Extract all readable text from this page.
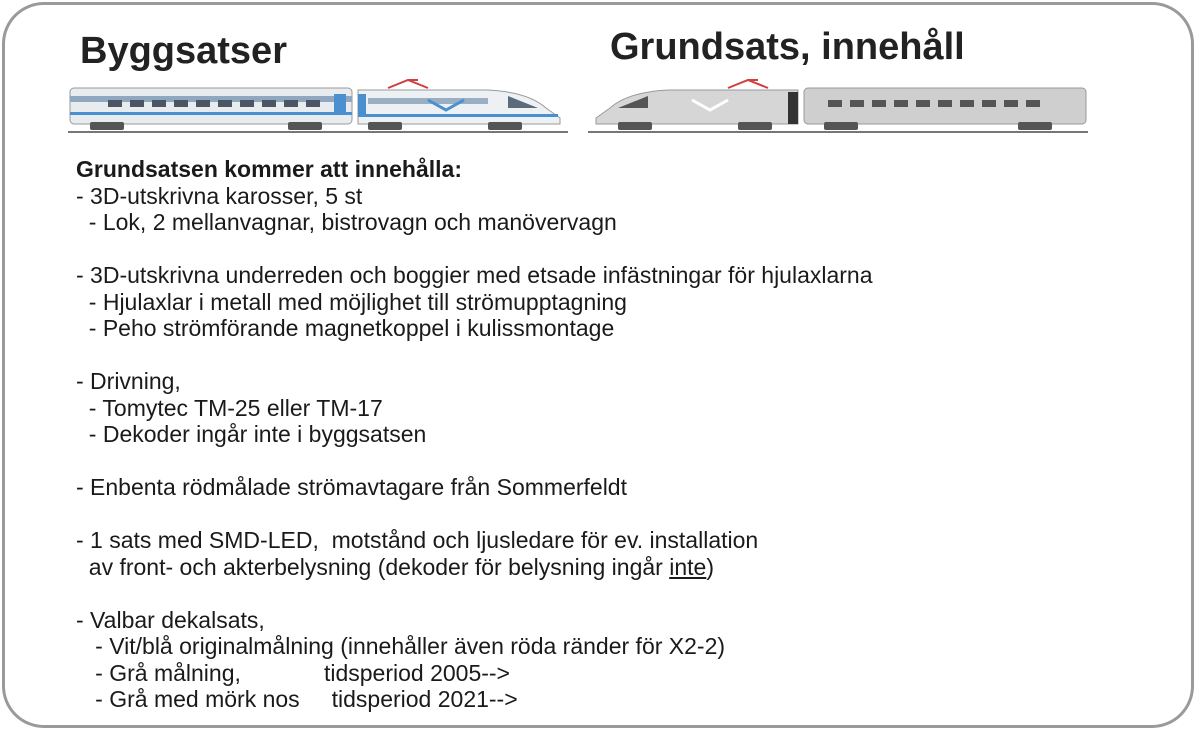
Byggsatser	Grundsats, innehåll
Grundsatsen kommer att innehålla:
- 3D-utskrivna karosser, 5 st
- Lok, 2 mellanvagnar, bistrovagn och manövervagn
- 3D-utskrivna underreden och boggier med etsade infästningar för hjulaxlarna
- Hjulaxlar i metall med möjlighet till strömupptagning
- Peho strömförande magnetkoppel i kulissmontage
- Drivning,
- Tomytec TM-25 eller TM-17
- Dekoder ingår inte i byggsatsen
- Enbenta rödmålade strömavtagare från Sommerfeldt
- 1 sats med SMD-LED,  motstånd och ljusledare för ev. installation
av front- och akterbelysning (dekoder för belysning ingår inte)
- Valbar dekalsats,
- Vit/blå originalmålning (innehåller även röda ränder för X2-2)
- Grå målning,             tidsperiod 2005-->
- Grå med mörk nos     tidsperiod 2021-->
